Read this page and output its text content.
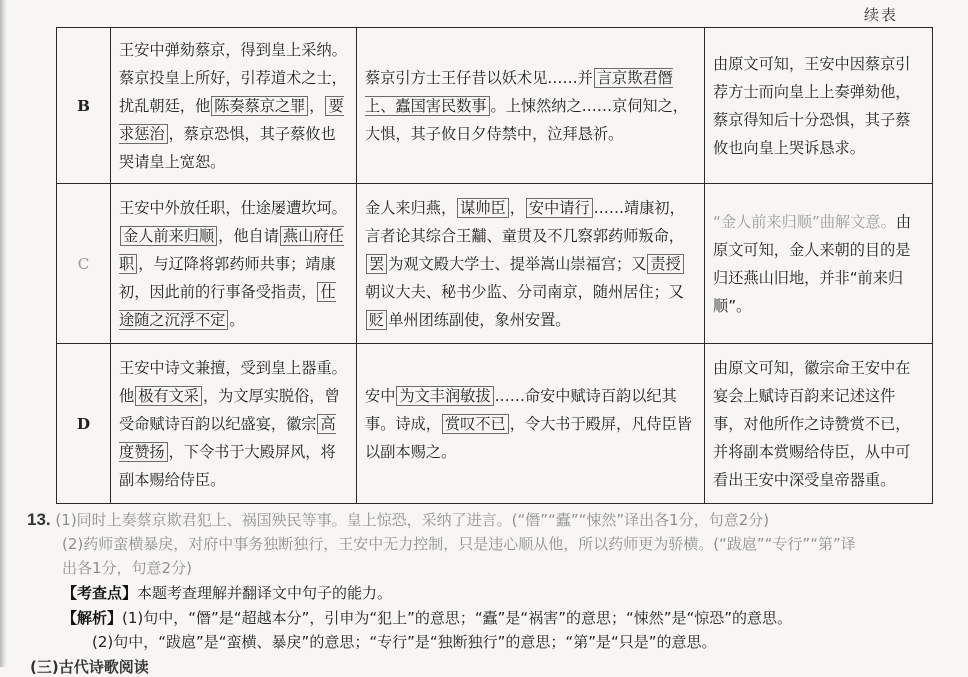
续表
B	王安中弹劾蔡京，得到皇上采纳。蔡京投皇上所好，引荐道术之士，扰乱朝廷，他 陈奏蔡京之罪 ， 要求惩治 ，蔡京恐惧，其子蔡攸也哭请皇上宽恕。	蔡京引方士王仔昔以妖术见……并 言京欺君僭上、蠹国害民数事 。上悚然纳之……京伺知之，大惧，其子攸日夕侍禁中，泣拜恳祈。	由原文可知，王安中因蔡京引荐方士而向皇上上奏弹劾他，蔡京得知后十分恐惧，其子蔡攸也向皇上哭诉恳求。
C	王安中外放任职，仕途屡遭坎坷。金人前来归顺 ，他自请 燕山府任职 ，与辽降将郭药师共事；靖康初，因此前的行事备受指责， 仕途随之沉浮不定 。	金人来归燕， 谋帅臣 ， 安中请行 ……靖康初，言者论其综合王黼、童贯及不几察郭药师叛命，罢 为观文殿大学士、提举嵩山崇福宫；又 责授朝议大夫、秘书少监、分司南京，随州居住；又贬 单州团练副使，象州安置。	“金人前来归顺”曲解文意。由原文可知，金人来朝的目的是归还燕山旧地，并非“前来归顺”。
D	王安中诗文兼擅，受到皇上器重。他 极有文采 ，为文厚实脱俗，曾受命赋诗百韵以纪盛宴，徽宗 高度赞扬 ，下令书于大殿屏风，将副本赐给侍臣。	安中 为文丰润敏拔 ……命安中赋诗百韵以纪其事。诗成， 赏叹不已 ，令大书于殿屏，凡侍臣皆以副本赐之。	由原文可知，徽宗命王安中在宴会上赋诗百韵来记述这件事，对他所作之诗赞赏不已，并将副本赏赐给侍臣，从中可看出王安中深受皇帝器重。
13. (1)同时上奏蔡京欺君犯上、祸国殃民等事。皇上惊恐，采纳了进言。(“僭”“蠹”“悚然”译出各1分，句意2分)
(2)药师蛮横暴戾，对府中事务独断独行，王安中无力控制，只是违心顺从他，所以药师更为骄横。(“跋扈”“专行”“第”译
出各1分，句意2分)
【考查点】本题考查理解并翻译文中句子的能力。
【解析】(1)句中，“僭”是“超越本分”，引申为“犯上”的意思；“蠹”是“祸害”的意思；“悚然”是“惊恐”的意思。
(2)句中，“跋扈”是“蛮横、暴戾”的意思；“专行”是“独断独行”的意思；“第”是“只是”的意思。
(三)古代诗歌阅读
